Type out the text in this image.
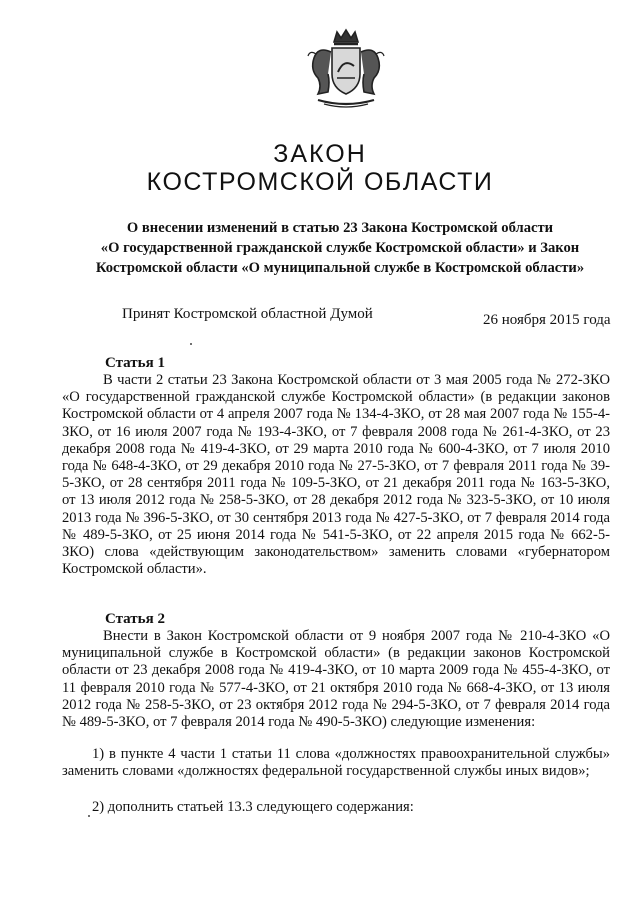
ЗАКОН
КОСТРОМСКОЙ ОБЛАСТИ
О внесении изменений в статью 23 Закона Костромской области
«О государственной гражданской службе Костромской области» и Закон
Костромской области «О муниципальной службе в Костромской области»
Принят Костромской областной Думой	26 ноября 2015 года
Статья 1

В части 2 статьи 23 Закона Костромской области от 3 мая 2005 года № 272-ЗКО «О государственной гражданской службе Костромской области» (в редакции законов Костромской области от 4 апреля 2007 года № 134-4-ЗКО, от 28 мая 2007 года № 155-4-ЗКО, от 16 июля 2007 года № 193-4-ЗКО, от 7 февраля 2008 года № 261-4-ЗКО, от 23 декабря 2008 года № 419-4-ЗКО, от 29 марта 2010 года № 600-4-ЗКО, от 7 июля 2010 года № 648-4-ЗКО, от 29 декабря 2010 года № 27-5-ЗКО, от 7 февраля 2011 года № 39-5-ЗКО, от 28 сентября 2011 года № 109-5-ЗКО, от 21 декабря 2011 года № 163-5-ЗКО, от 13 июля 2012 года № 258-5-ЗКО, от 28 декабря 2012 года № 323-5-ЗКО, от 10 июля 2013 года № 396-5-ЗКО, от 30 сентября 2013 года № 427-5-ЗКО, от 7 февраля 2014 года № 489-5-ЗКО, от 25 июня 2014 года № 541-5-ЗКО, от 22 апреля 2015 года № 662-5-ЗКО) слова «действующим законодательством» заменить словами «губернатором Костромской области».

Статья 2

Внести в Закон Костромской области от 9 ноября 2007 года № 210-4-ЗКО «О муниципальной службе в Костромской области» (в редакции законов Костромской области от 23 декабря 2008 года № 419-4-ЗКО, от 10 марта 2009 года № 455-4-ЗКО, от 11 февраля 2010 года № 577-4-ЗКО, от 21 октября 2010 года № 668-4-ЗКО, от 13 июля 2012 года № 258-5-ЗКО, от 23 октября 2012 года № 294-5-ЗКО, от 7 февраля 2014 года № 489-5-ЗКО, от 7 февраля 2014 года № 490-5-ЗКО) следующие изменения:

1) в пункте 4 части 1 статьи 11 слова «должностях правоохранительной службы» заменить словами «должностях федеральной государственной службы иных видов»;

2) дополнить статьей 13.3 следующего содержания:
